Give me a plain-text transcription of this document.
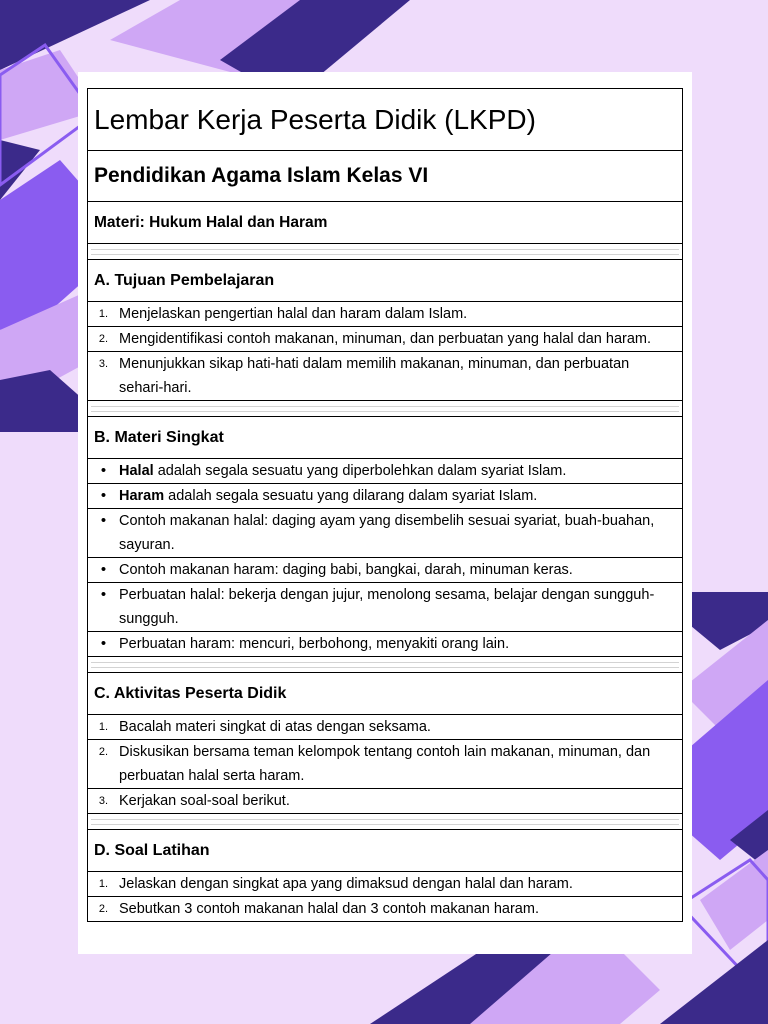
Lembar Kerja Peserta Didik (LKPD)
Pendidikan Agama Islam Kelas VI
Materi: Hukum Halal dan Haram
A. Tujuan Pembelajaran
1. Menjelaskan pengertian halal dan haram dalam Islam.
2. Mengidentifikasi contoh makanan, minuman, dan perbuatan yang halal dan haram.
3. Menunjukkan sikap hati-hati dalam memilih makanan, minuman, dan perbuatan sehari-hari.
B. Materi Singkat
• Halal adalah segala sesuatu yang diperbolehkan dalam syariat Islam.
• Haram adalah segala sesuatu yang dilarang dalam syariat Islam.
• Contoh makanan halal: daging ayam yang disembelih sesuai syariat, buah-buahan, sayuran.
• Contoh makanan haram: daging babi, bangkai, darah, minuman keras.
• Perbuatan halal: bekerja dengan jujur, menolong sesama, belajar dengan sungguh-sungguh.
• Perbuatan haram: mencuri, berbohong, menyakiti orang lain.
C. Aktivitas Peserta Didik
1. Bacalah materi singkat di atas dengan seksama.
2. Diskusikan bersama teman kelompok tentang contoh lain makanan, minuman, dan perbuatan halal serta haram.
3. Kerjakan soal-soal berikut.
D. Soal Latihan
1. Jelaskan dengan singkat apa yang dimaksud dengan halal dan haram.
2. Sebutkan 3 contoh makanan halal dan 3 contoh makanan haram.
